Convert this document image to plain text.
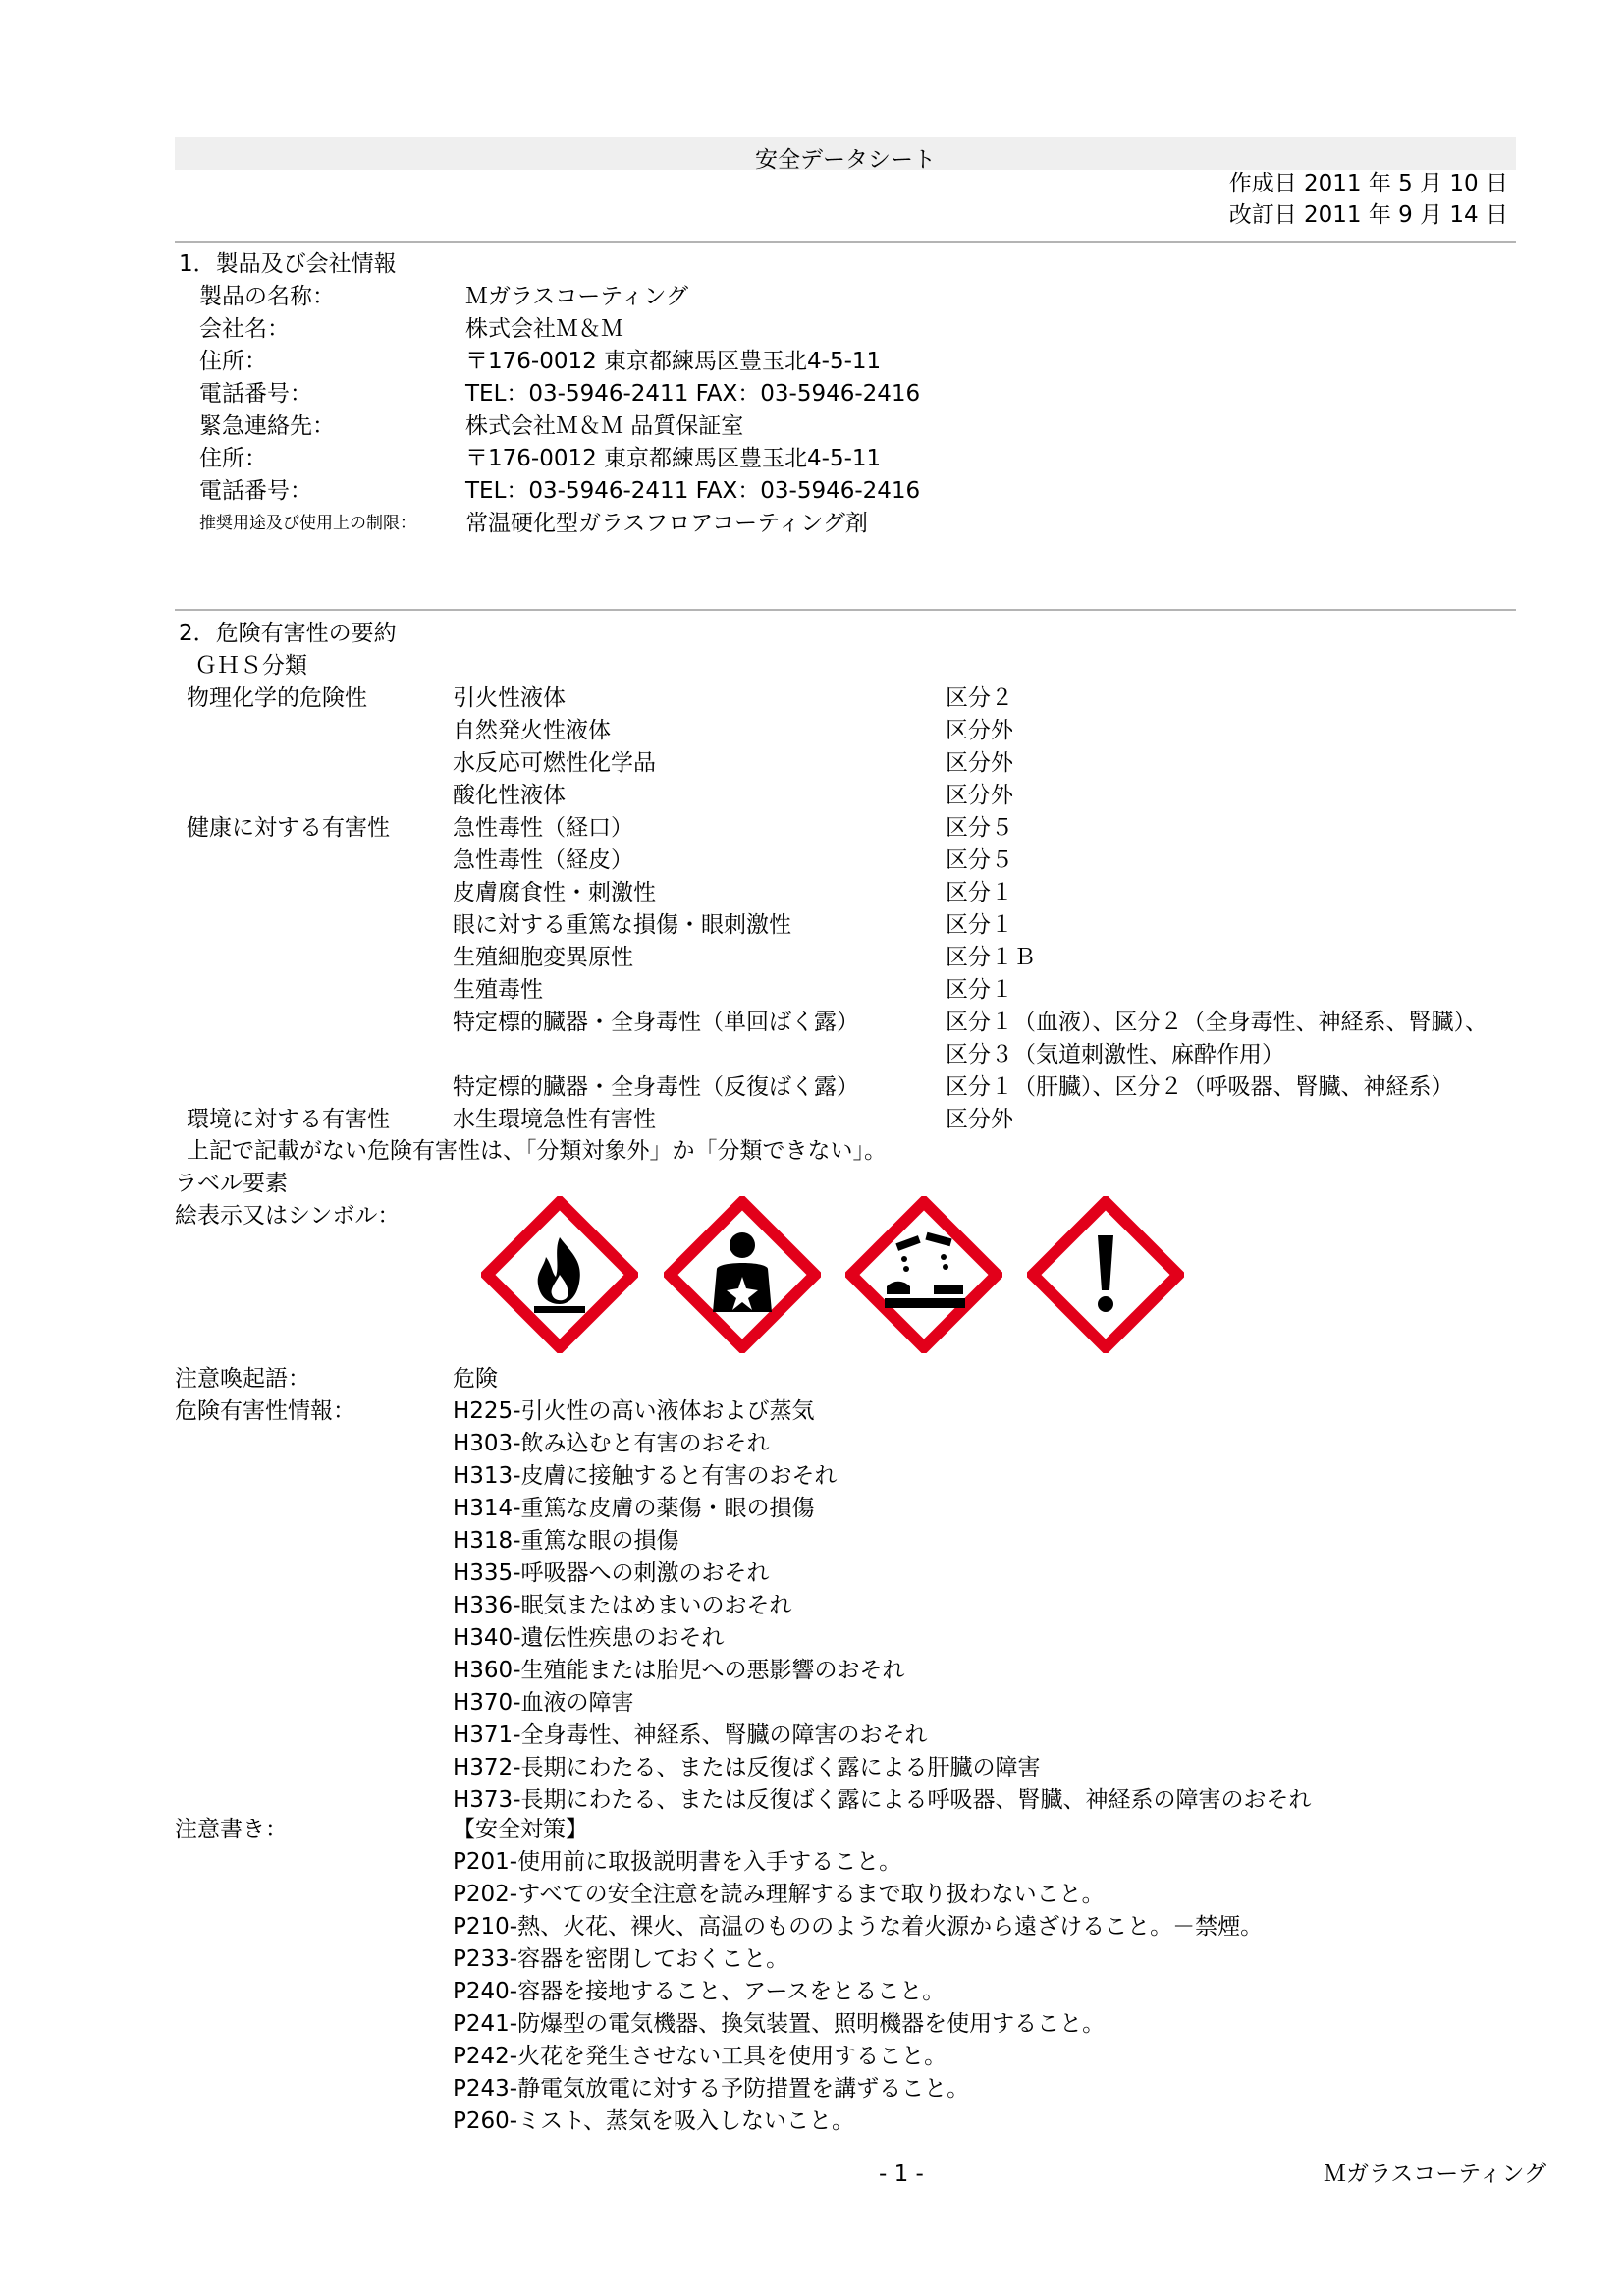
安全データシート
作成日 2011 年 5 月 10 日
改訂日 2011 年 9 月 14 日
1．製品及び会社情報
製品の名称：	Ｍガラスコーティング
会社名：	株式会社Ｍ＆Ｍ
住所：	〒176-0012 東京都練馬区豊玉北4-5-11
電話番号：	TEL：03-5946-2411 FAX：03-5946-2416
緊急連絡先：	株式会社Ｍ＆Ｍ 品質保証室
住所：	〒176-0012 東京都練馬区豊玉北4-5-11
電話番号：	TEL：03-5946-2411 FAX：03-5946-2416
推奨用途及び使用上の制限： 常温硬化型ガラスフロアコーティング剤
2．危険有害性の要約
ＧＨＳ分類
物理化学的危険性	引火性液体	区分２
自然発火性液体	区分外
水反応可燃性化学品	区分外
酸化性液体	区分外
健康に対する有害性	急性毒性（経口）	区分５
急性毒性（経皮）	区分５
皮膚腐食性・刺激性	区分１
眼に対する重篤な損傷・眼刺激性	区分１
生殖細胞変異原性	区分１Ｂ
生殖毒性	区分１
特定標的臓器・全身毒性（単回ばく露）	区分１（血液）、区分２（全身毒性、神経系、腎臓）、
区分３（気道刺激性、麻酔作用）
特定標的臓器・全身毒性（反復ばく露）	区分１（肝臓）、区分２（呼吸器、腎臓、神経系）
環境に対する有害性	水生環境急性有害性	区分外
上記で記載がない危険有害性は、「分類対象外」か「分類できない」。
ラベル要素
絵表示又はシンボル：
注意喚起語：	危険
危険有害性情報：	H225-引火性の高い液体および蒸気
H303-飲み込むと有害のおそれ
H313-皮膚に接触すると有害のおそれ
H314-重篤な皮膚の薬傷・眼の損傷
H318-重篤な眼の損傷
H335-呼吸器への刺激のおそれ
H336-眠気またはめまいのおそれ
H340-遺伝性疾患のおそれ
H360-生殖能または胎児への悪影響のおそれ
H370-血液の障害
H371-全身毒性、神経系、腎臓の障害のおそれ
H372-長期にわたる、または反復ばく露による肝臓の障害
H373-長期にわたる、または反復ばく露による呼吸器、腎臓、神経系の障害のおそれ
注意書き：	【安全対策】
P201-使用前に取扱説明書を入手すること。
P202-すべての安全注意を読み理解するまで取り扱わないこと。
P210-熱、火花、裸火、高温のもののような着火源から遠ざけること。－禁煙。
P233-容器を密閉しておくこと。
P240-容器を接地すること、アースをとること。
P241-防爆型の電気機器、換気装置、照明機器を使用すること。
P242-火花を発生させない工具を使用すること。
P243-静電気放電に対する予防措置を講ずること。
P260-ミスト、蒸気を吸入しないこと。
- 1 -	Ｍガラスコーティング
